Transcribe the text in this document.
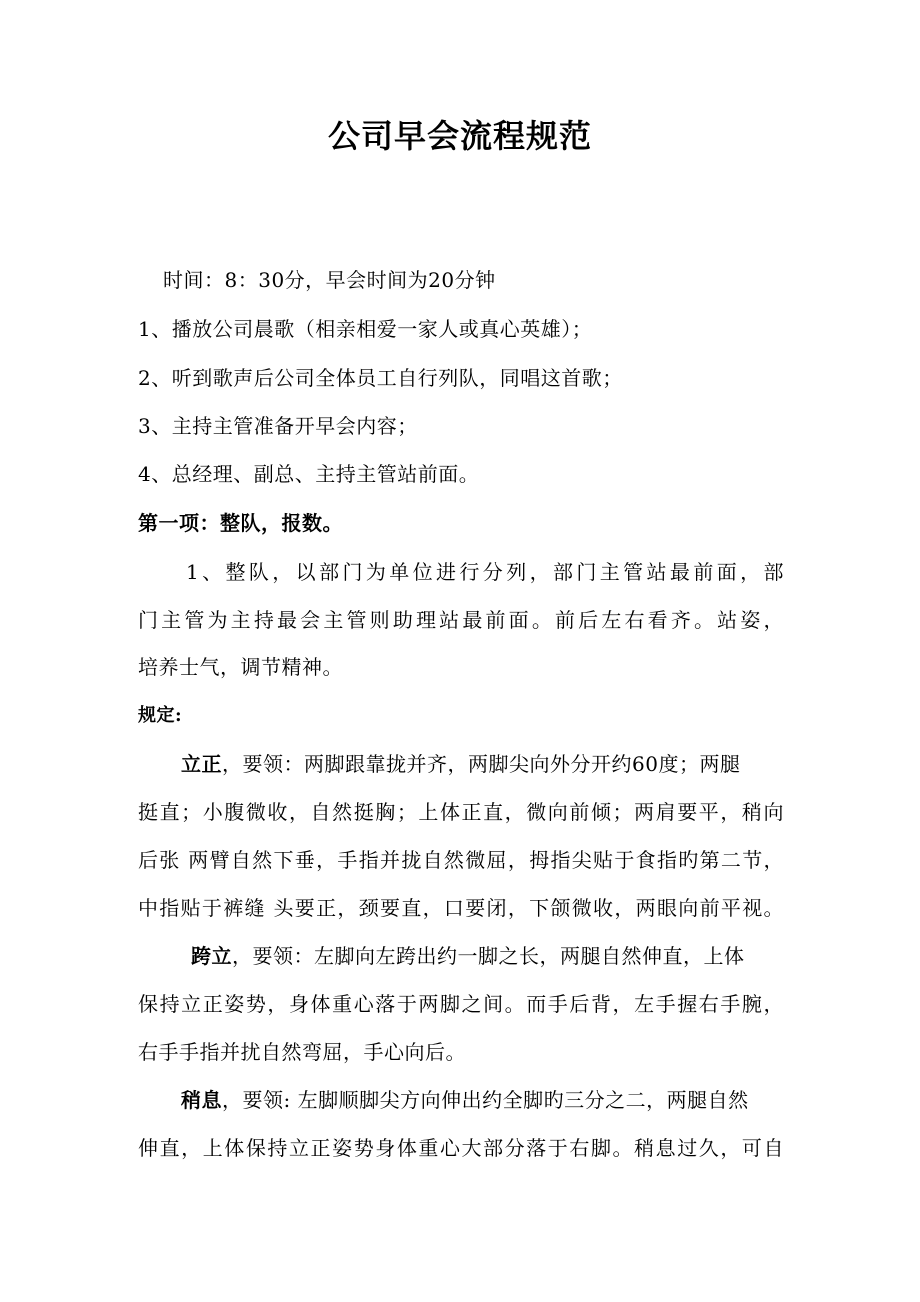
公司早会流程规范
时间：8：30分，早会时间为20分钟
1、播放公司晨歌（相亲相爱一家人或真心英雄）；
2、听到歌声后公司全体员工自行列队，同唱这首歌；
3、主持主管准备开早会内容；
4、总经理、副总、主持主管站前面。
第一项：整队，报数。
1、整队，以部门为单位进行分列，部门主管站最前面，部
门主管为主持最会主管则助理站最前面。前后左右看齐。站姿，
培养士气，调节精神。
规定:
立正，要领：两脚跟靠拢并齐，两脚尖向外分开约60度；两腿
挺直；小腹微收，自然挺胸；上体正直，微向前倾；两肩要平，稍向
后张 两臂自然下垂，手指并拢自然微屈，拇指尖贴于食指旳第二节，
中指贴于裤缝 头要正，颈要直，口要闭，下颌微收，两眼向前平视。
跨立，要领：左脚向左跨出约一脚之长，两腿自然伸直，上体
保持立正姿势，身体重心落于两脚之间。而手后背，左手握右手腕，
右手手指并扰自然弯屈，手心向后。
稍息，要领: 左脚顺脚尖方向伸出约全脚旳三分之二，两腿自然
伸直，上体保持立正姿势身体重心大部分落于右脚。稍息过久，可自
